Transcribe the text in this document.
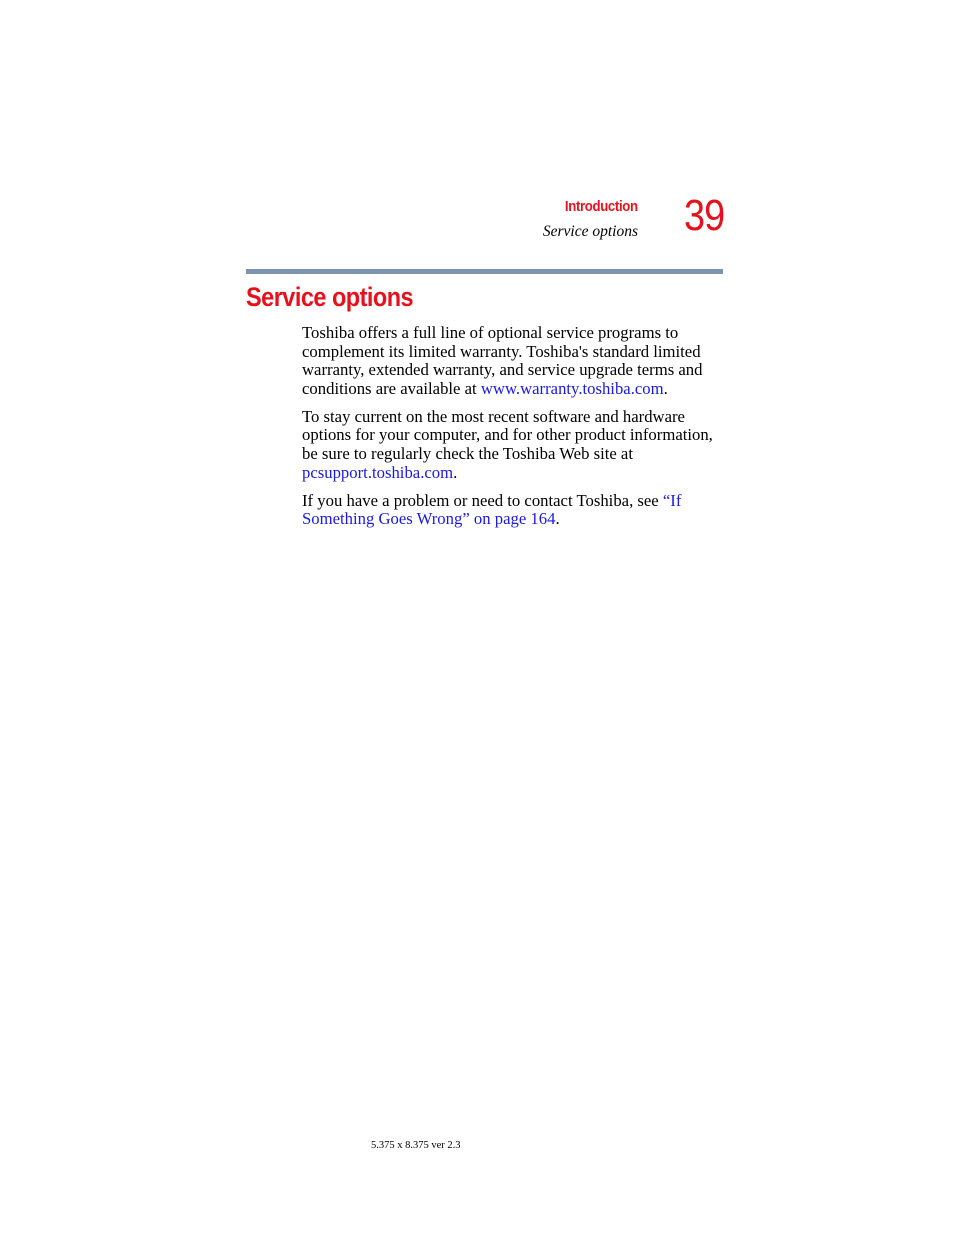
Introduction
Service options 39
Service options

Toshiba offers a full line of optional service programs to complement its limited warranty. Toshiba's standard limited warranty, extended warranty, and service upgrade terms and conditions are available at www.warranty.toshiba.com.

To stay current on the most recent software and hardware options for your computer, and for other product information, be sure to regularly check the Toshiba Web site at pcsupport.toshiba.com.

If you have a problem or need to contact Toshiba, see “If Something Goes Wrong” on page 164.

5.375 x 8.375 ver 2.3
